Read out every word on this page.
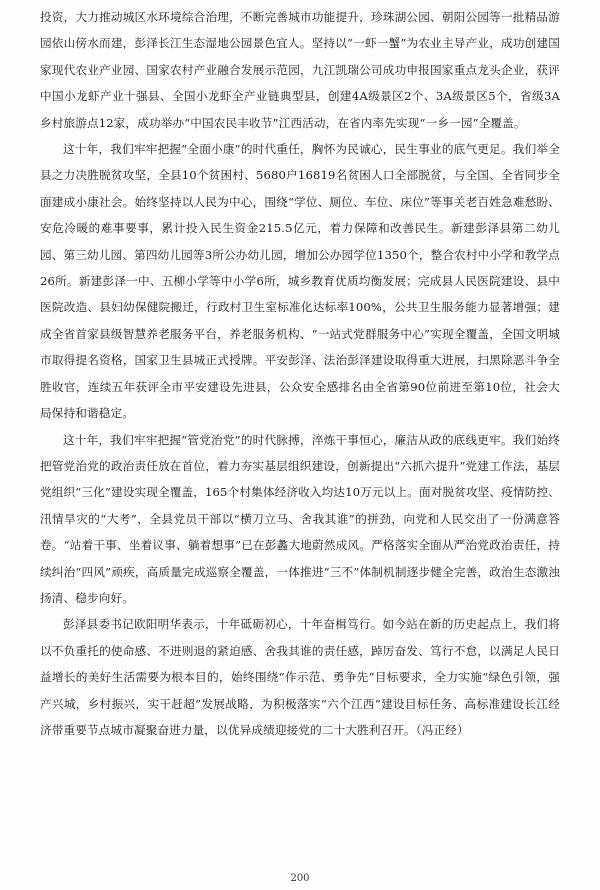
投资，大力推动城区水环境综合治理，不断完善城市功能提升，珍珠湖公园、朝阳公园等一批精品游园依山傍水而建，彭泽长江生态湿地公园景色宜人。坚持以“一虾一蟹”为农业主导产业，成功创建国家现代农业产业园、国家农村产业融合发展示范园，九江凯瑞公司成功申报国家重点龙头企业，获评中国小龙虾产业十强县、全国小龙虾全产业链典型县，创建4A级景区2个、3A级景区5个，省级3A乡村旅游点12家，成功举办“中国农民丰收节”江西活动，在省内率先实现“一乡一园”全覆盖。

这十年，我们牢牢把握“全面小康”的时代重任，胸怀为民诚心，民生事业的底气更足。我们举全县之力决胜脱贫攻坚，全县10个贫困村、5680户16819名贫困人口全部脱贫，与全国、全省同步全面建成小康社会。始终坚持以人民为中心，围绕“学位、厕位、车位、床位”等事关老百姓急难愁盼、安危冷暖的难事要事，累计投入民生资金215.5亿元，着力保障和改善民生。新建彭泽县第二幼儿园、第三幼儿园、第四幼儿园等3所公办幼儿园，增加公办园学位1350个，整合农村中小学和教学点26所。新建彭泽一中、五柳小学等中小学6所，城乡教育优质均衡发展；完成县人民医院建设、县中医院改造、县妇幼保健院搬迁，行政村卫生室标准化达标率100%，公共卫生服务能力显著增强；建成全省首家县级智慧养老服务平台，养老服务机构、“一站式党群服务中心”实现全覆盖，全国文明城市取得提名资格，国家卫生县城正式授牌。平安彭泽、法治彭泽建设取得重大进展，扫黑除恶斗争全胜收官，连续五年获评全市平安建设先进县，公众安全感排名由全省第90位前进至第10位，社会大局保持和谐稳定。

这十年，我们牢牢把握“管党治党”的时代脉搏，淬炼干事恒心，廉洁从政的底线更牢。我们始终把管党治党的政治责任放在首位，着力夯实基层组织建设，创新提出“六抓六提升”党建工作法，基层党组织“三化”建设实现全覆盖，165个村集体经济收入均达10万元以上。面对脱贫攻坚、疫情防控、汛情旱灾的“大考”，全县党员干部以“横刀立马、舍我其谁”的拼劲，向党和人民交出了一份满意答卷。“站着干事、坐着议事、躺着想事”已在彭蠡大地蔚然成风。严格落实全面从严治党政治责任，持续纠治“四风”顽疾，高质量完成巡察全覆盖，一体推进“三不”体制机制逐步健全完善，政治生态激浊扬清、稳步向好。

彭泽县委书记欧阳明华表示，十年砥砺初心，十年奋楫笃行。如今站在新的历史起点上，我们将以不负重托的使命感、不进则退的紧迫感、舍我其谁的责任感，踔厉奋发、笃行不怠，以满足人民日益增长的美好生活需要为根本目的，始终围绕“作示范、勇争先”目标要求，全力实施“绿色引领，强产兴城，乡村振兴，实干赶超”发展战略，为积极落实“六个江西”建设目标任务、高标准建设长江经济带重要节点城市凝聚奋进力量，以优异成绩迎接党的二十大胜利召开。（冯正经）

200
